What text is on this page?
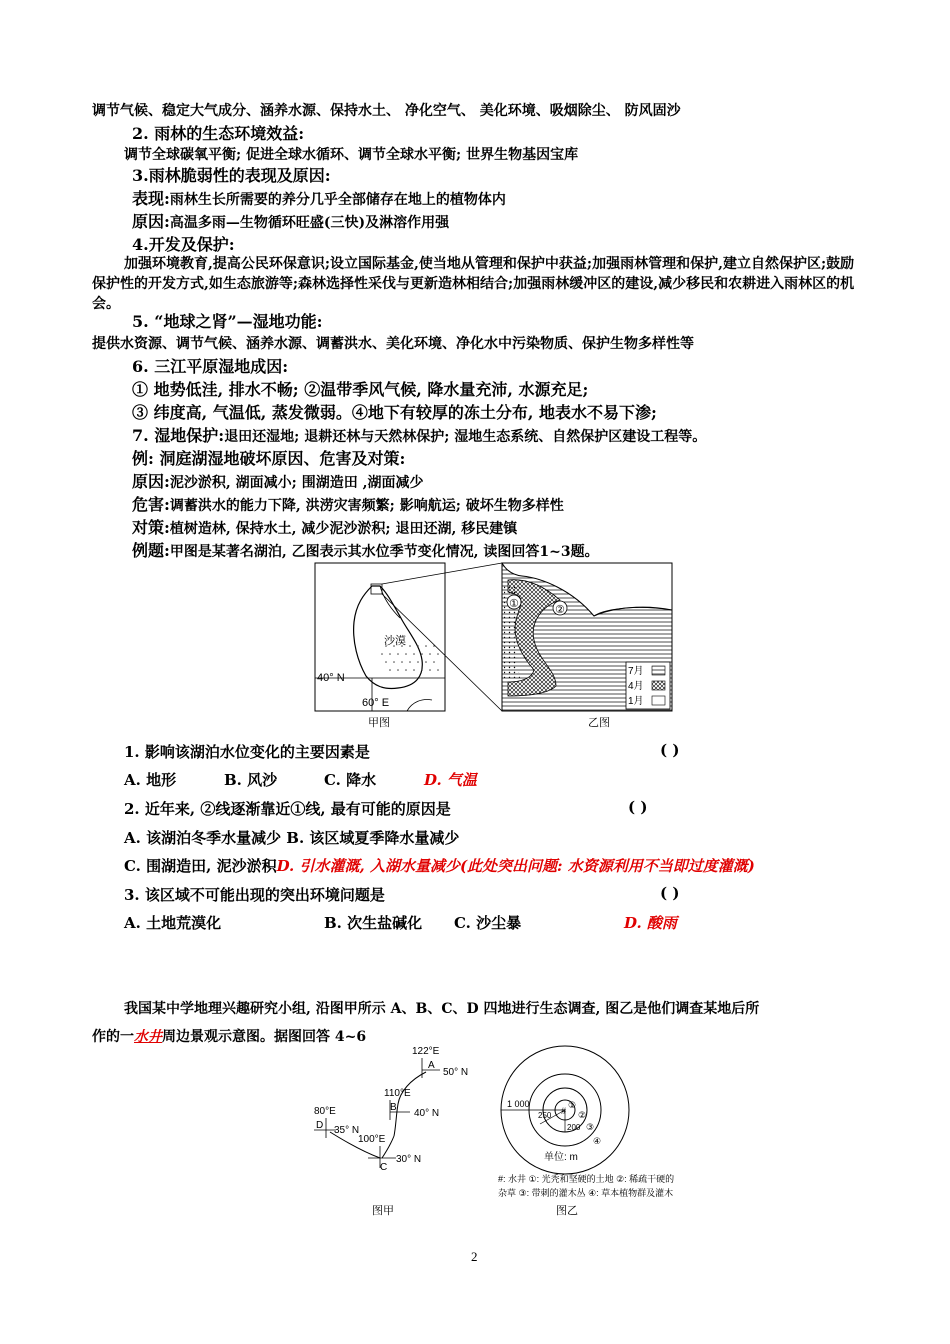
调节气候、稳定大气成分、涵养水源、保持水土、 净化空气、 美化环境、吸烟除尘、 防风固沙
2. 雨林的生态环境效益:
调节全球碳氧平衡; 促进全球水循环、调节全球水平衡; 世界生物基因宝库
3.雨林脆弱性的表现及原因:
表现:雨林生长所需要的养分几乎全部储存在地上的植物体内
原因:高温多雨—生物循环旺盛(三快)及淋溶作用强
4.开发及保护:
加强环境教育,提高公民环保意识;设立国际基金,使当地从管理和保护中获益;加强雨林管理和保护,建立自然保护区;鼓励保护性的开发方式,如生态旅游等;森林选择性采伐与更新造林相结合;加强雨林缓冲区的建设,减少移民和农耕进入雨林区的机会。
5. “地球之肾”—湿地功能:
提供水资源、调节气候、涵养水源、调蓄洪水、美化环境、净化水中污染物质、保护生物多样性等
6. 三江平原湿地成因:
① 地势低洼, 排水不畅; ②温带季风气候, 降水量充沛, 水源充足;
③ 纬度高, 气温低, 蒸发微弱。④地下有较厚的冻土分布, 地表水不易下渗;
7. 湿地保护:退田还湿地; 退耕还林与天然林保护; 湿地生态系统、自然保护区建设工程等。
例: 洞庭湖湿地破坏原因、危害及对策:
原因:泥沙淤积, 湖面减小; 围湖造田 ,湖面减少
危害:调蓄洪水的能力下降, 洪涝灾害频繁; 影响航运; 破坏生物多样性
对策:植树造林, 保持水土, 减少泥沙淤积; 退田还湖, 移民建镇
例题:甲图是某著名湖泊, 乙图表示其水位季节变化情况, 读图回答1~3题。
沙漠
40° N
60° E
甲图
①	②
7月
4月
1月
乙图
1. 影响该湖泊水位变化的主要因素是	( )
A. 地形	B. 风沙	C. 降水	D. 气温
2. 近年来, ②线逐渐靠近①线, 最有可能的原因是	( )
A. 该湖泊冬季水量减少 B. 该区域夏季降水量减少
C. 围湖造田, 泥沙淤积D. 引水灌溉, 入湖水量减少(此处突出问题: 水资源利用不当即过度灌溉)
3. 该区域不可能出现的突出环境问题是	( )
A. 土地荒漠化	B. 次生盐碱化 C. 沙尘暴	D. 酸雨
我国某中学地理兴趣研究小组, 沿图甲所示 A、B、C、D 四地进行生态调查, 图乙是他们调查某地后所
作的一水井周边景观示意图。据图回答 4~6
122°E
A
50° N
110°E
B
40° N
80°E
D 35° N
100°E
C
30° N
图甲
1 000
250
200
#
①
②
③
④
单位: m
#: 水井 ①: 光秃和坚硬的土地 ②: 稀疏干硬的
杂草 ③: 带刺的灌木丛 ④: 草本植物群及灌木
图乙
2
